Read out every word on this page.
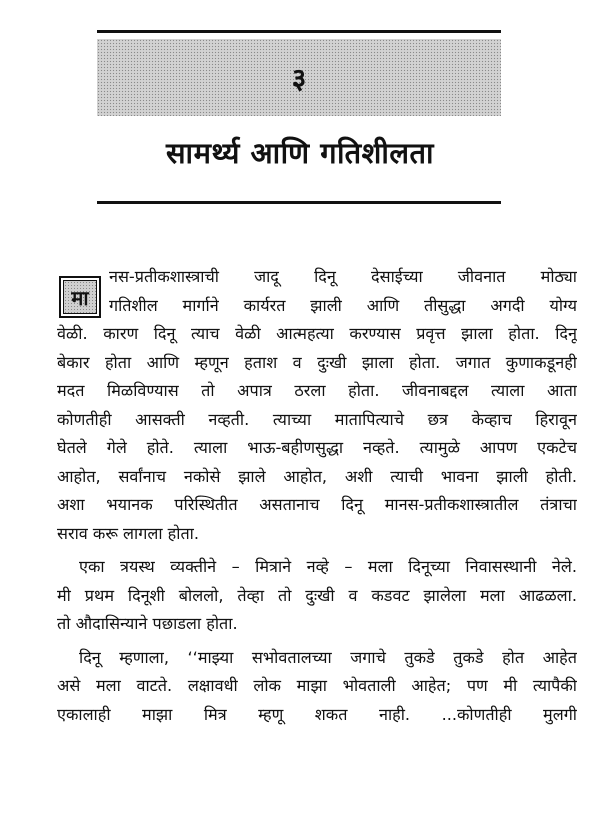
३
सामर्थ्य आणि गतिशीलता
मा
नस-प्रतीकशास्त्राची जादू दिनू देसाईच्या जीवनात मोठ्या
गतिशील मार्गाने कार्यरत झाली आणि तीसुद्धा अगदी योग्य
वेळी. कारण दिनू त्याच वेळी आत्महत्या करण्यास प्रवृत्त झाला होता. दिनू
बेकार होता आणि म्हणून हताश व दुःखी झाला होता. जगात कुणाकडूनही
मदत मिळविण्यास तो अपात्र ठरला होता. जीवनाबद्दल त्याला आता
कोणतीही आसक्ती नव्हती. त्याच्या मातापित्याचे छत्र केव्हाच हिरावून
घेतले गेले होते. त्याला भाऊ-बहीणसुद्धा नव्हते. त्यामुळे आपण एकटेच
आहोत, सर्वांनाच नकोसे झाले आहोत, अशी त्याची भावना झाली होती.
अशा भयानक परिस्थितीत असतानाच दिनू मानस-प्रतीकशास्त्रातील तंत्राचा
सराव करू लागला होता.
एका त्रयस्थ व्यक्तीने – मित्राने नव्हे – मला दिनूच्या निवासस्थानी नेले.
मी प्रथम दिनूशी बोललो, तेव्हा तो दुःखी व कडवट झालेला मला आढळला.
तो औदासिन्याने पछाडला होता.
दिनू म्हणाला, ‘‘माझ्या सभोवतालच्या जगाचे तुकडे तुकडे होत आहेत
असे मला वाटते. लक्षावधी लोक माझा भोवताली आहेत; पण मी त्यापैकी
एकालाही माझा मित्र म्हणू शकत नाही. ...कोणतीही मुलगी
